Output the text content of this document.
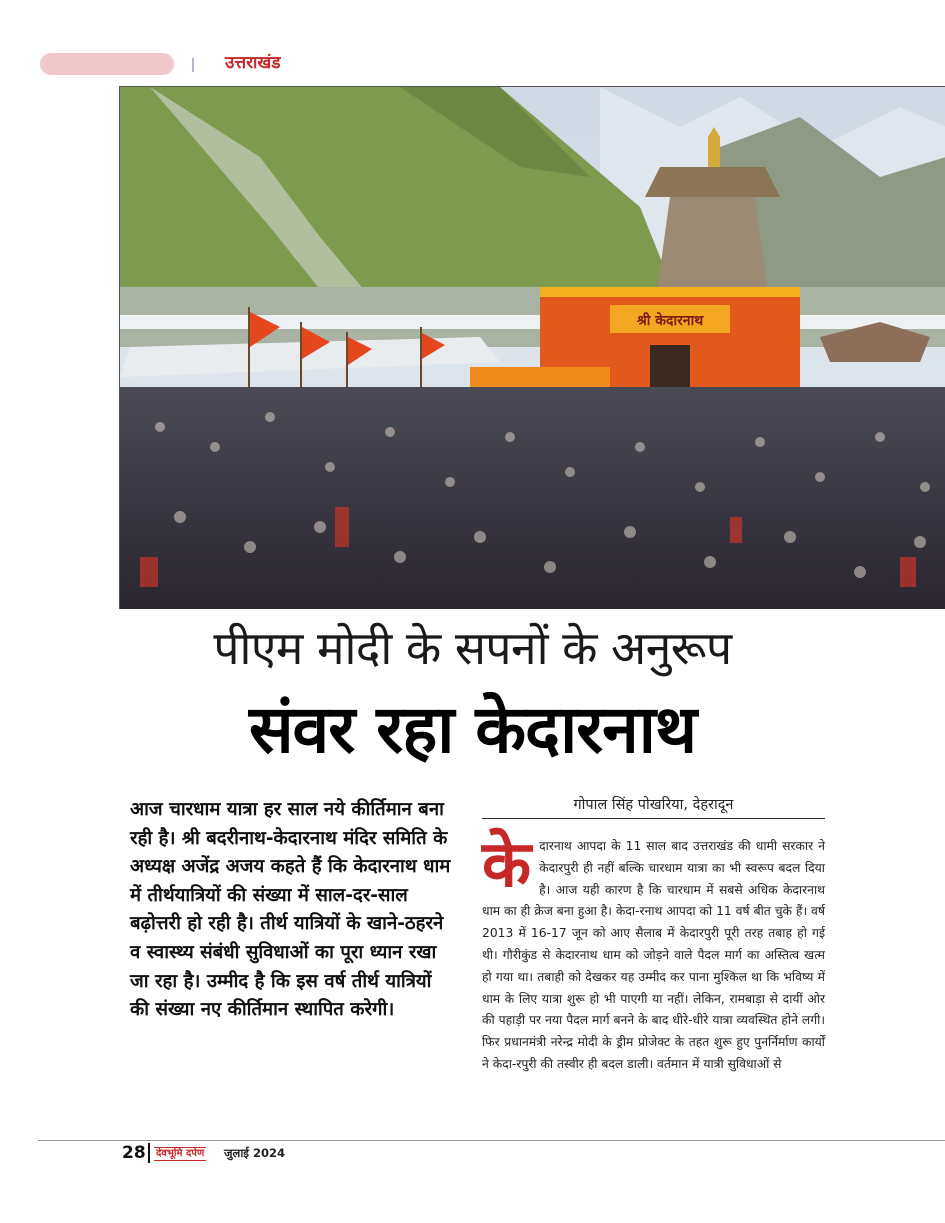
उत्तराखंड
श्री केदारनाथ
पीएम मोदी के सपनों के अनुरूप
संवर रहा केदारनाथ
आज चारधाम यात्रा हर साल नये कीर्तिमान बना रही है। श्री बदरीनाथ-केदारनाथ मंदिर समिति के अध्यक्ष अजेंद्र अजय कहते हैं कि केदारनाथ धाम में तीर्थयात्रियों की संख्या में साल-दर-साल बढ़ोत्तरी हो रही है। तीर्थ यात्रियों के खाने-ठहरने व स्वास्थ्य संबंधी सुविधाओं का पूरा ध्यान रखा जा रहा है। उम्मीद है कि इस वर्ष तीर्थ यात्रियों की संख्या नए कीर्तिमान स्थापित करेगी।
गोपाल सिंह पोखरिया, देहरादून
केदारनाथ आपदा के 11 साल बाद उत्तराखंड की धामी सरकार ने केदारपुरी ही नहीं बल्कि चारधाम यात्रा का भी स्वरूप बदल दिया है। आज यही कारण है कि चारधाम में सबसे अधिक केदारनाथ धाम का ही क्रेज बना हुआ है। केदा-रनाथ आपदा को 11 वर्ष बीत चुके हैं। वर्ष 2013 में 16-17 जून को आए सैलाब में केदारपुरी पूरी तरह तबाह हो गई थी। गौरीकुंड से केदारनाथ धाम को जोड़ने वाले पैदल मार्ग का अस्तित्व खत्म हो गया था। तबाही को देखकर यह उम्मीद कर पाना मुश्किल था कि भविष्य में धाम के लिए यात्रा शुरू हो भी पाएगी या नहीं। लेकिन, रामबाड़ा से दायीं ओर की पहाड़ी पर नया पैदल मार्ग बनने के बाद धीरे-धीरे यात्रा व्यवस्थित होने लगी। फिर प्रधानमंत्री नरेन्द्र मोदी के ड्रीम प्रोजेक्ट के तहत शुरू हुए पुनर्निर्माण कार्यों ने केदा-रपुरी की तस्वीर ही बदल डाली। वर्तमान में यात्री सुविधाओं से
28 देवभूमि दर्पण जुलाई 2024
